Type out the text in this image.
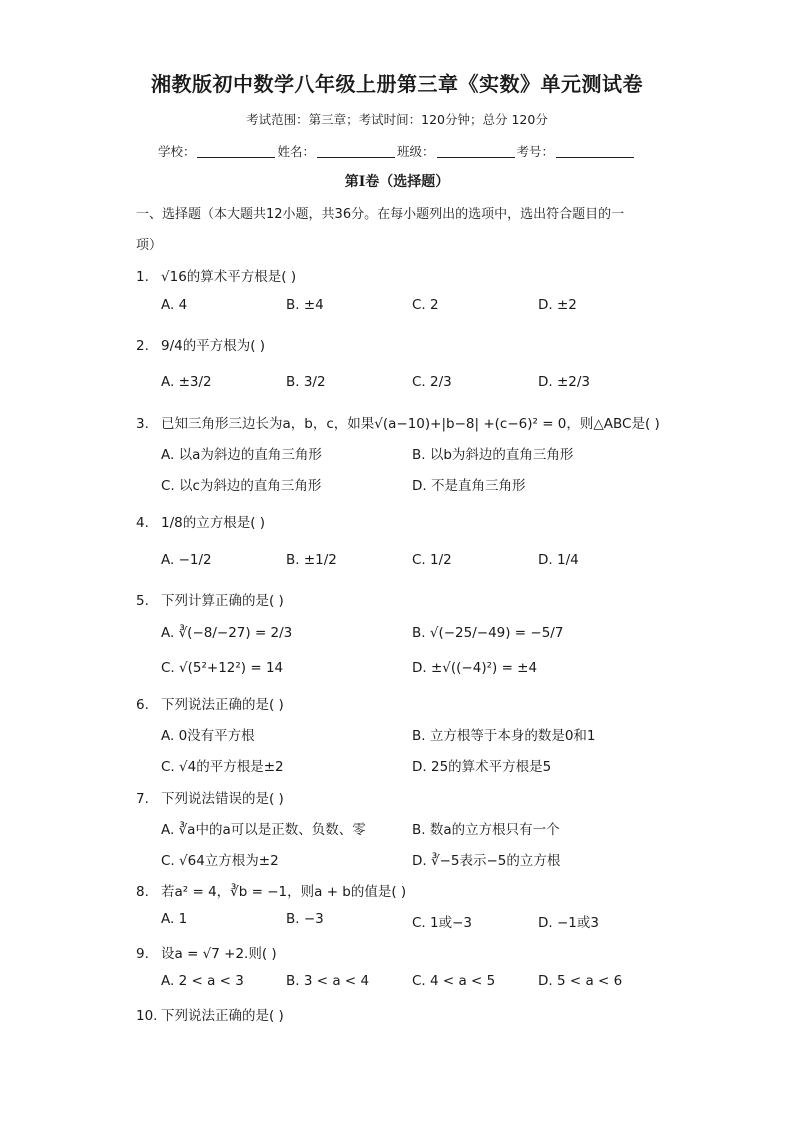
湘教版初中数学八年级上册第三章《实数》单元测试卷
考试范围：第三章；考试时间：120分钟；总分 120分
学校：	姓名：	班级：	考号：
第I卷（选择题）
一、选择题（本大题共12小题，共36分。在每小题列出的选项中，选出符合题目的一
项）
1. √16的算术平方根是( )
A. 4	B. ±4	C. 2	D. ±2
2. 9/4的平方根为( )
A. ±3/2	B. 3/2	C. 2/3	D. ±2/3
3. 已知三角形三边长为a，b，c，如果√(a−10)+|b−8| +(c−6)² = 0，则△ABC是( )
A. 以a为斜边的直角三角形	B. 以b为斜边的直角三角形
C. 以c为斜边的直角三角形	D. 不是直角三角形
4. 1/8的立方根是( )
A. −1/2	B. ±1/2	C. 1/2	D. 1/4
5. 下列计算正确的是( )
A. ∛(−8/−27) = 2/3	B. √(−25/−49) = −5/7
C. √(5²+12²) = 14	D. ±√((−4)²) = ±4
6. 下列说法正确的是( )
A. 0没有平方根	B. 立方根等于本身的数是0和1
C. √4的平方根是±2	D. 25的算术平方根是5
7. 下列说法错误的是( )
A. ∛a中的a可以是正数、负数、零	B. 数a的立方根只有一个
C. √64立方根为±2	D. ∛−5表示−5的立方根
8. 若a² = 4，∛b = −1，则a + b的值是( )
A. 1	B. −3	C. 1或−3	D. −1或3
9. 设a = √7 +2.则( )
A. 2 < a < 3	B. 3 < a < 4	C. 4 < a < 5	D. 5 < a < 6
10. 下列说法正确的是( )
